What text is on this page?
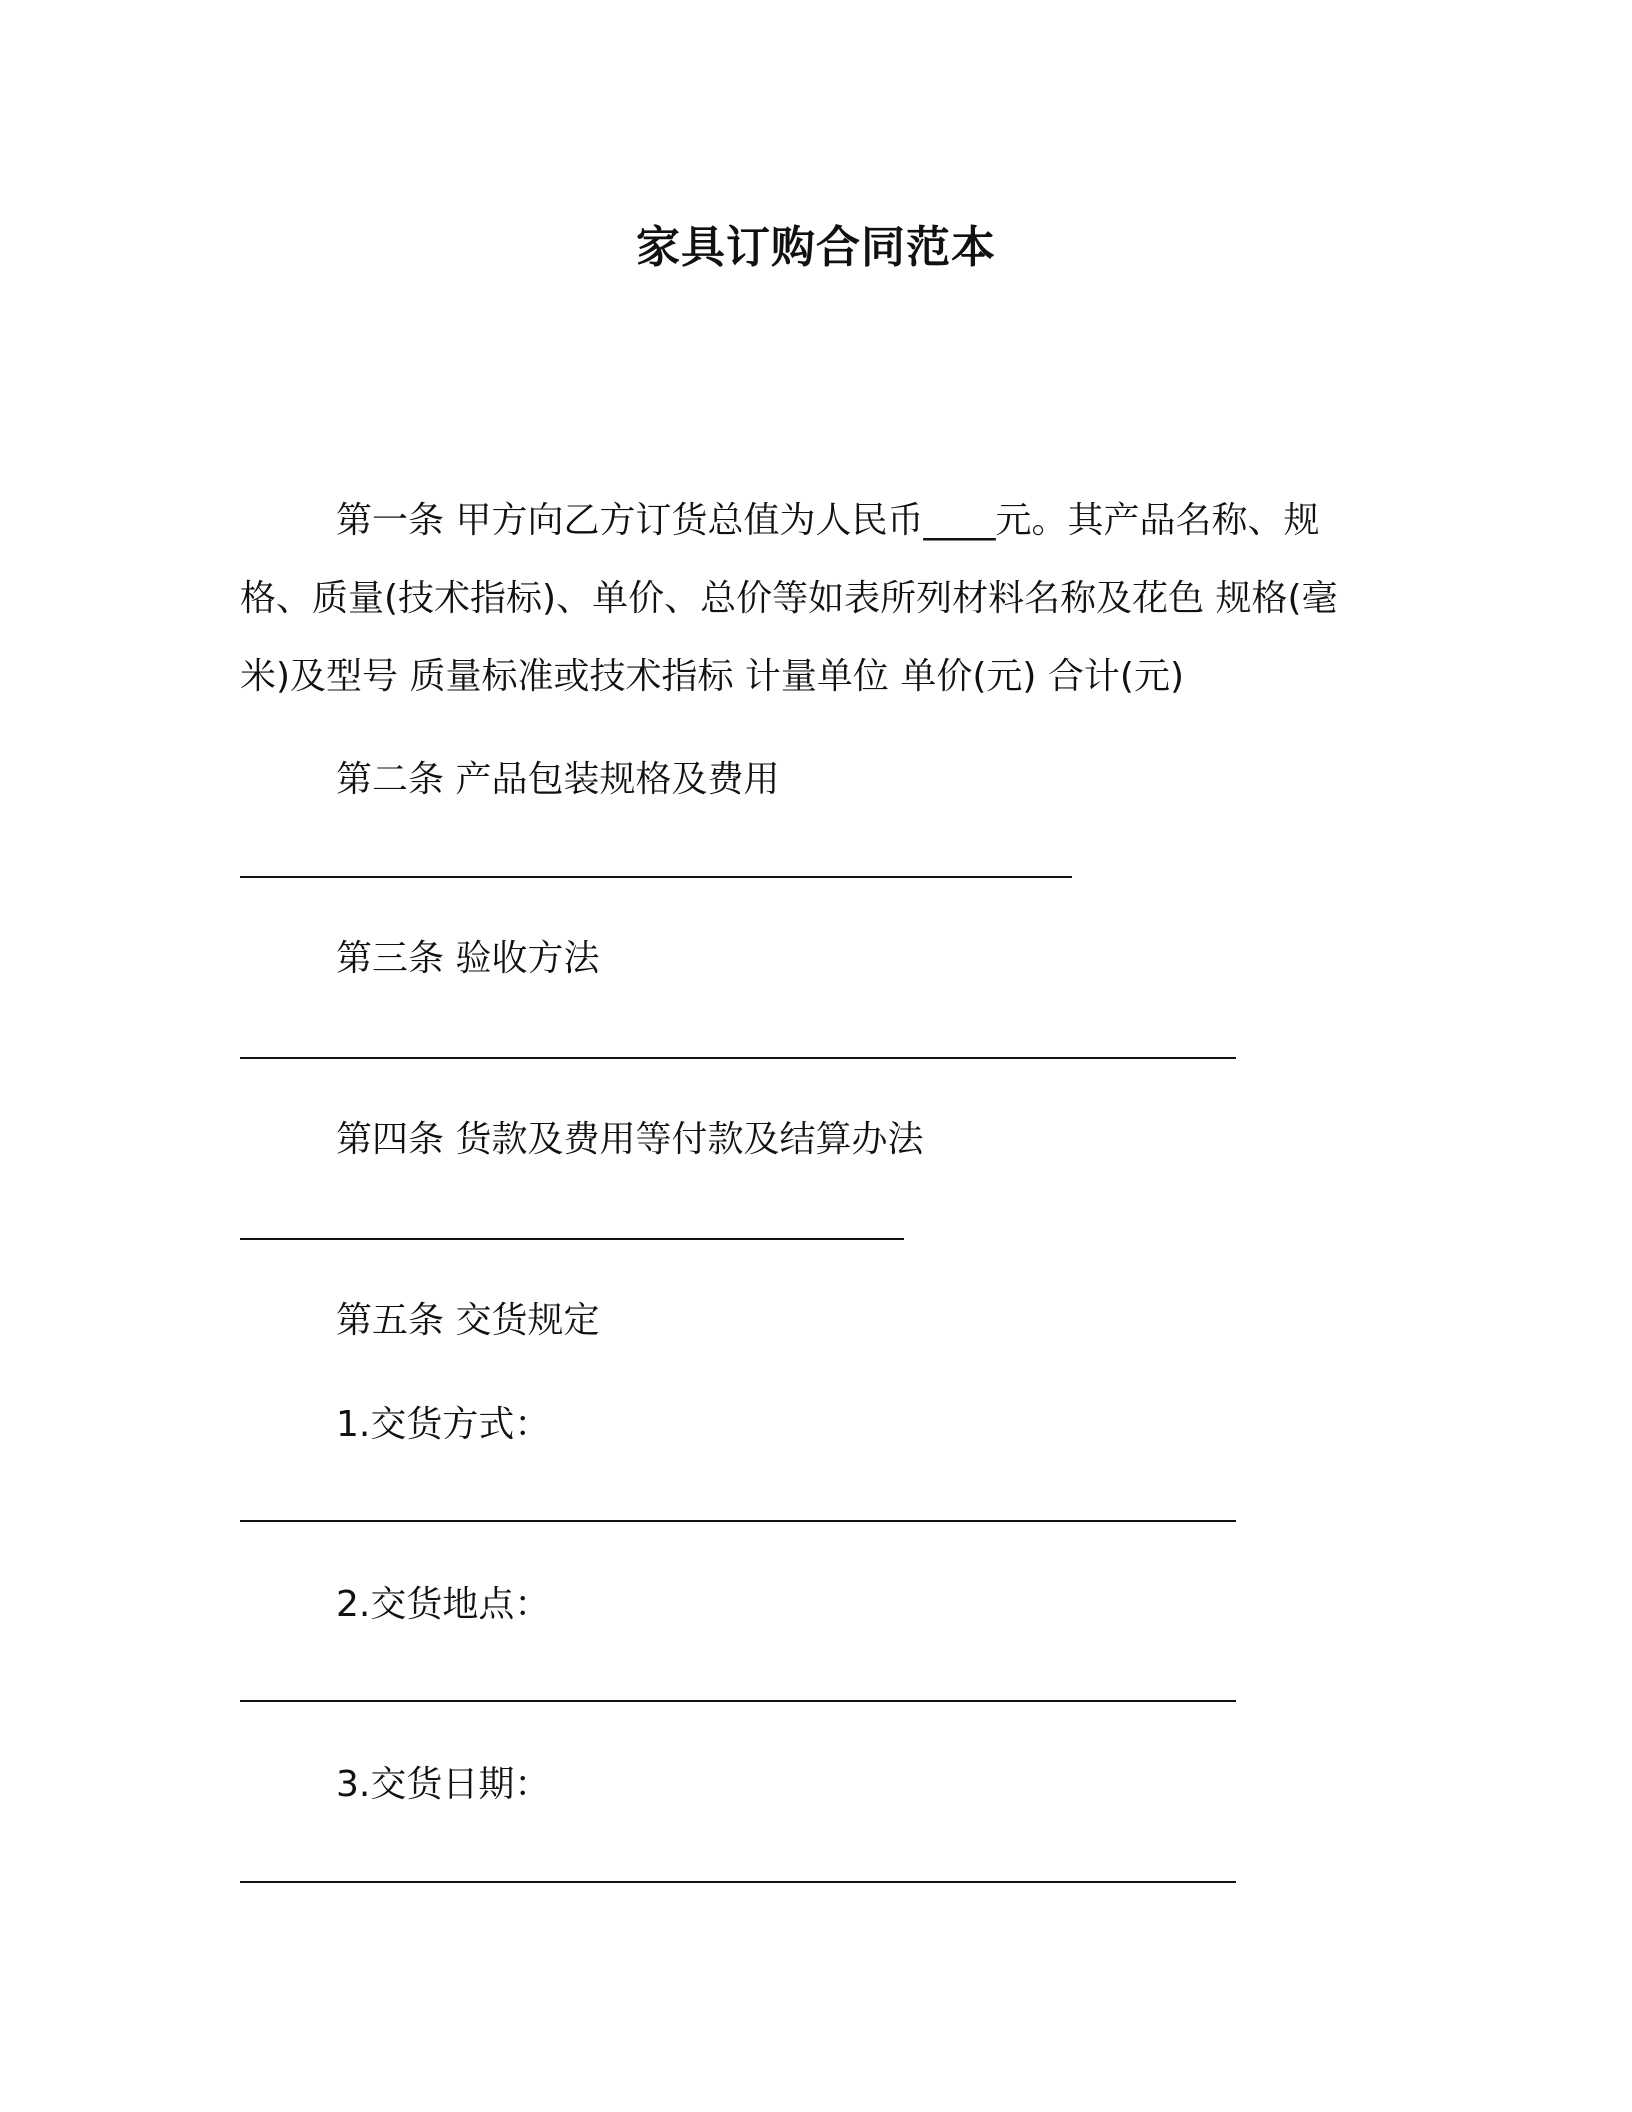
家具订购合同范本

第一条 甲方向乙方订货总值为人民币____元。其产品名称、规格、质量(技术指标)、单价、总价等如表所列材料名称及花色 规格(毫米)及型号 质量标准或技术指标 计量单位 单价(元) 合计(元)

第二条 产品包装规格及费用
第三条 验收方法
第四条 货款及费用等付款及结算办法
第五条 交货规定
1.交货方式：
2.交货地点：
3.交货日期：
